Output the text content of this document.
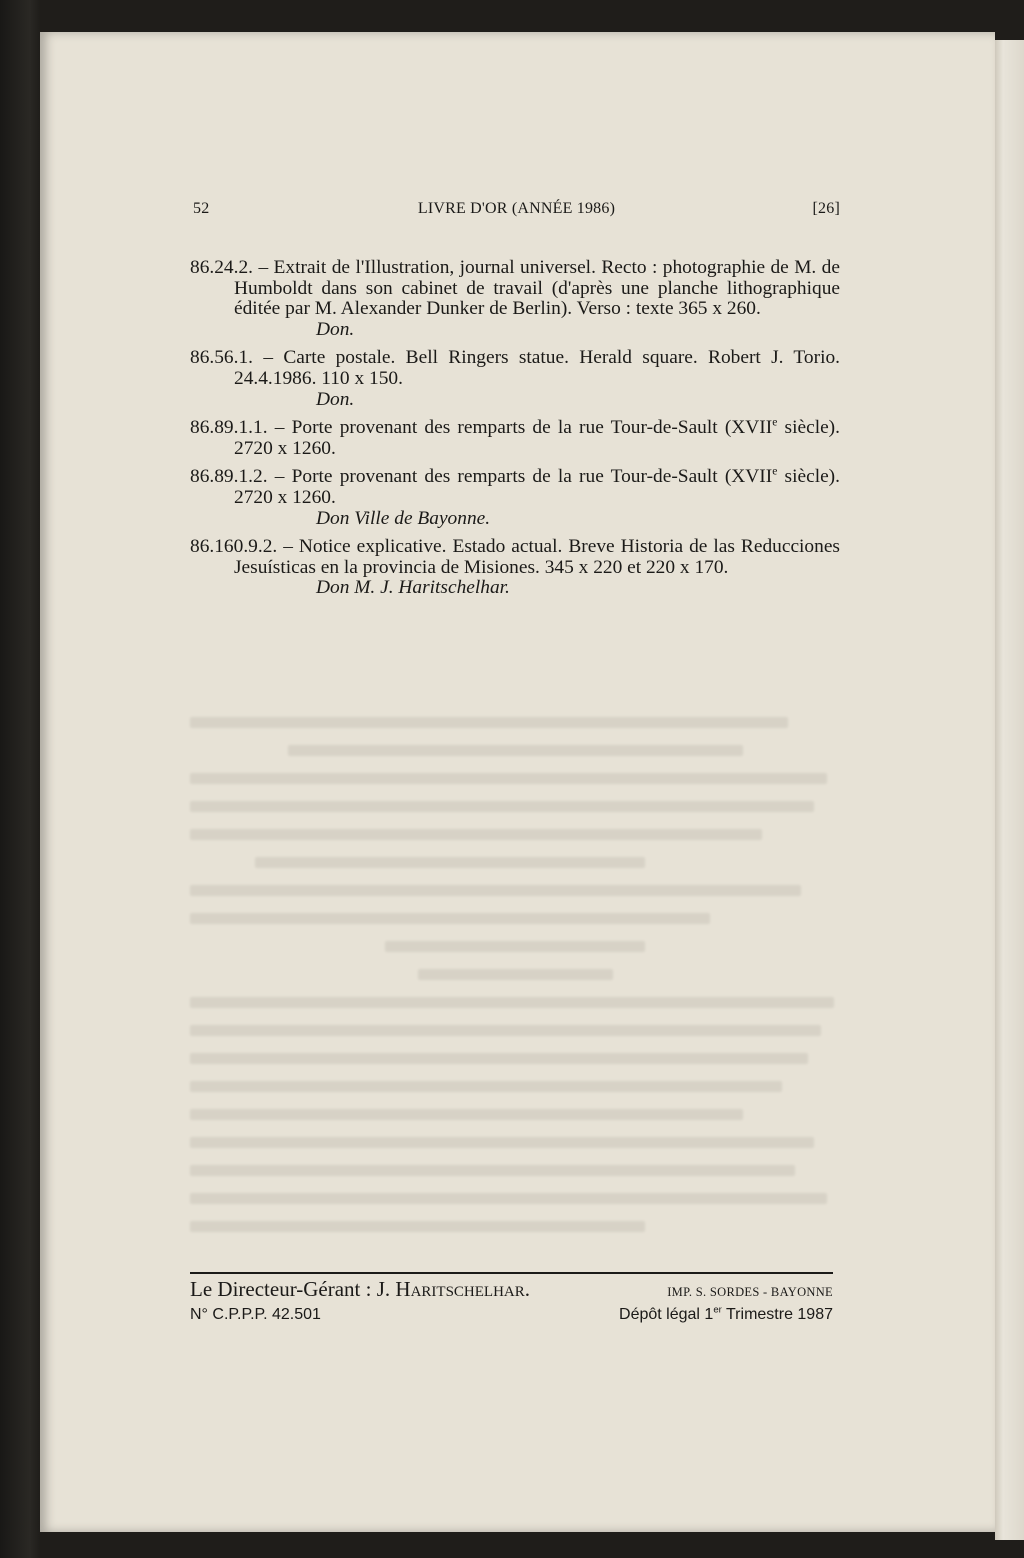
52	LIVRE D'OR (ANNÉE 1986)	[26]

86.24.2. – Extrait de l'Illustration, journal universel. Recto : photographie de M. de Humboldt dans son cabinet de travail (d'après une planche lithographique éditée par M. Alexander Dunker de Berlin). Verso : texte 365 x 260.
Don.

86.56.1. – Carte postale. Bell Ringers statue. Herald square. Robert J. Torio. 24.4.1986. 110 x 150.
Don.

86.89.1.1. – Porte provenant des remparts de la rue Tour-de-Sault (XVIIe siècle). 2720 x 1260.

86.89.1.2. – Porte provenant des remparts de la rue Tour-de-Sault (XVIIe siècle). 2720 x 1260.
Don Ville de Bayonne.

86.160.9.2. – Notice explicative. Estado actual. Breve Historia de las Reducciones Jesuísticas en la provincia de Misiones. 345 x 220 et 220 x 170.
Don M. J. Haritschelhar.

Le Directeur-Gérant : J. Haritschelhar.	IMP. S. SORDES - BAYONNE
N° C.P.P.P. 42.501	Dépôt légal 1er Trimestre 1987
